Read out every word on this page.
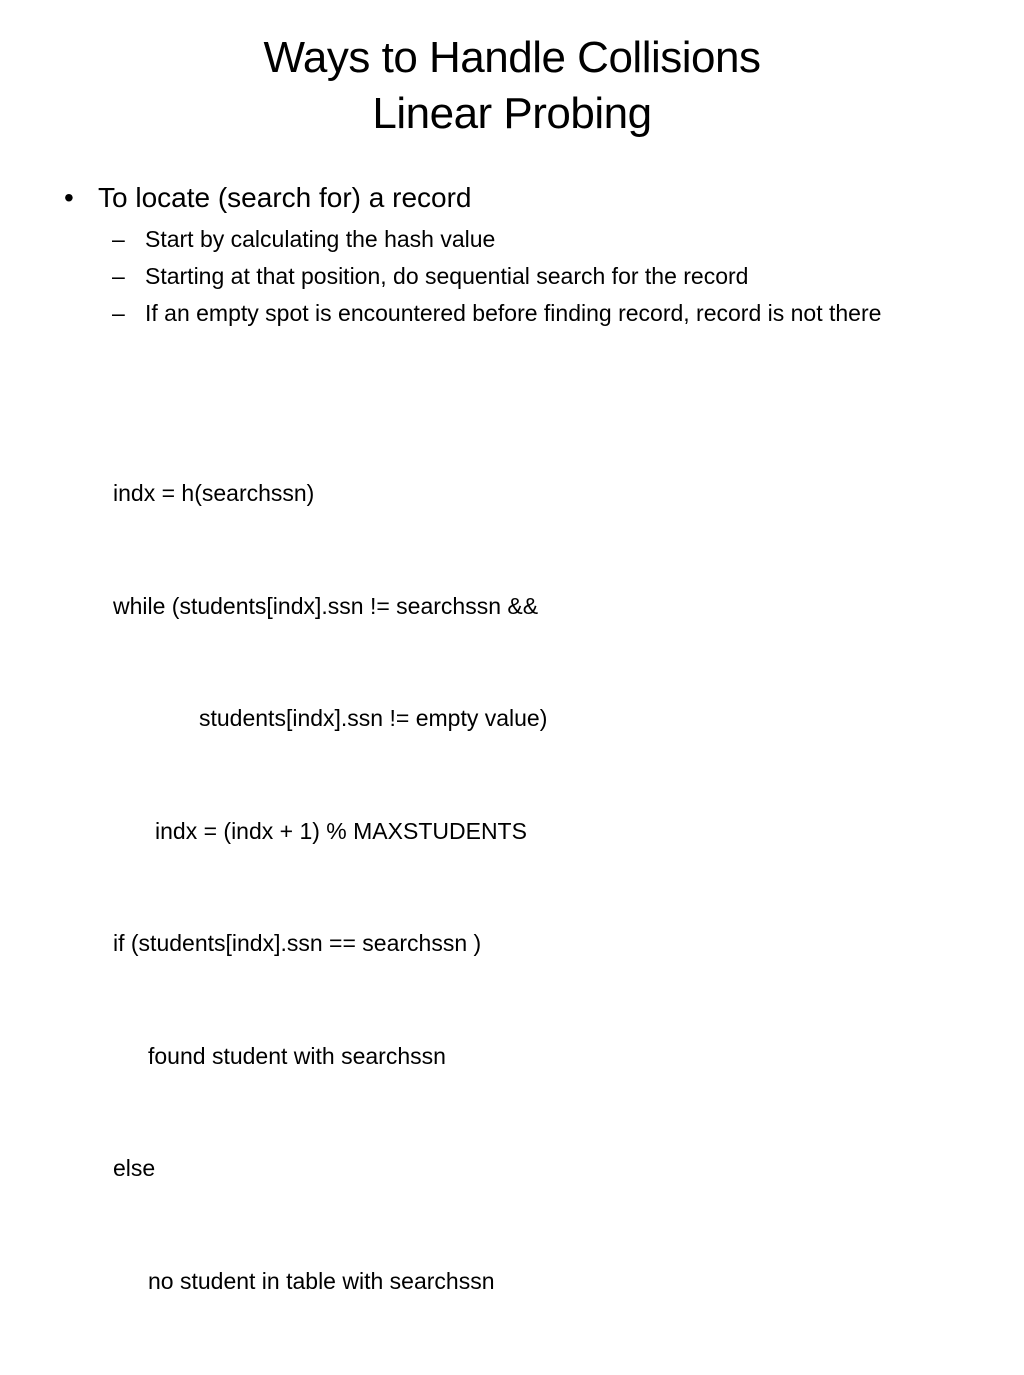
Ways to Handle Collisions
Linear Probing
• To locate (search for) a record
– Start by calculating the hash value
– Starting at that position, do sequential search for the record
– If an empty spot is encountered before finding record, record is not there

indx = h(searchssn)

while (students[indx].ssn != searchssn &&

students[indx].ssn != empty value)

indx = (indx + 1) % MAXSTUDENTS

if (students[indx].ssn == searchssn )

found student with searchssn

else

no student in table with searchssn
